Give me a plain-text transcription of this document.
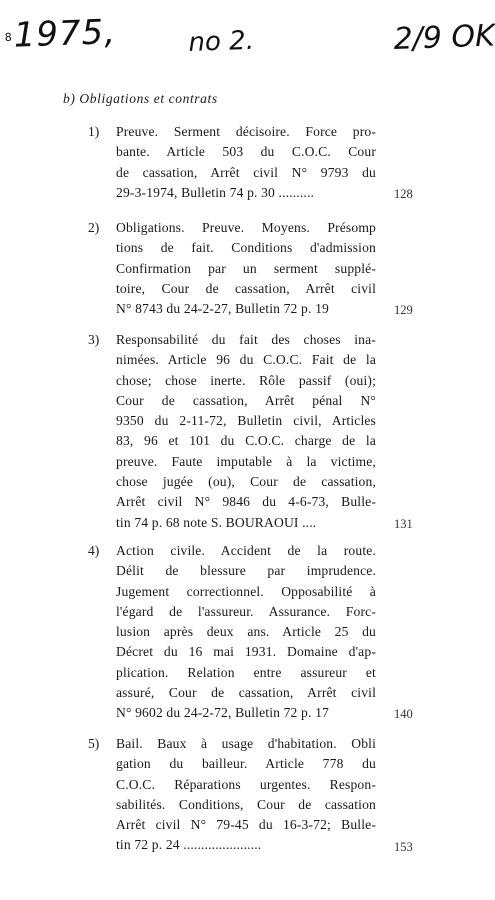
81975,	no 2.	2/9 OK
b) Obligations et contrats
1) Preuve. Serment décisoire. Force pro-
bante. Article 503 du C.O.C. Cour
de cassation, Arrêt civil N° 9793 du
29-3-1974, Bulletin 74 p. 30 ..........	128
2) Obligations. Preuve. Moyens. Présomp
tions de fait. Conditions d'admission
Confirmation par un serment supplé-
toire, Cour de cassation, Arrêt civil
N° 8743 du 24-2-27, Bulletin 72 p. 19	129
3) Responsabilité du fait des choses ina-
nimées. Article 96 du C.O.C. Fait de la
chose; chose inerte. Rôle passif (oui);
Cour de cassation, Arrêt pénal N°
9350 du 2-11-72, Bulletin civil, Articles
83, 96 et 101 du C.O.C. charge de la
preuve. Faute imputable à la victime,
chose jugée (ou), Cour de cassation,
Arrêt civil N° 9846 du 4-6-73, Bulle-
tin 74 p. 68 note S. BOURAOUI ....	131
4) Action civile. Accident de la route.
Délit de blessure par imprudence.
Jugement correctionnel. Opposabilité à
l'égard de l'assureur. Assurance. Forc-
lusion après deux ans. Article 25 du
Décret du 16 mai 1931. Domaine d'ap-
plication. Relation entre assureur et
assuré, Cour de cassation, Arrêt civil
N° 9602 du 24-2-72, Bulletin 72 p. 17	140
5) Bail. Baux à usage d'habitation. Obli
gation du bailleur. Article 778 du
C.O.C. Réparations urgentes. Respon-
sabilités. Conditions, Cour de cassation
Arrêt civil N° 79-45 du 16-3-72; Bulle-
tin 72 p. 24 ......................	153
